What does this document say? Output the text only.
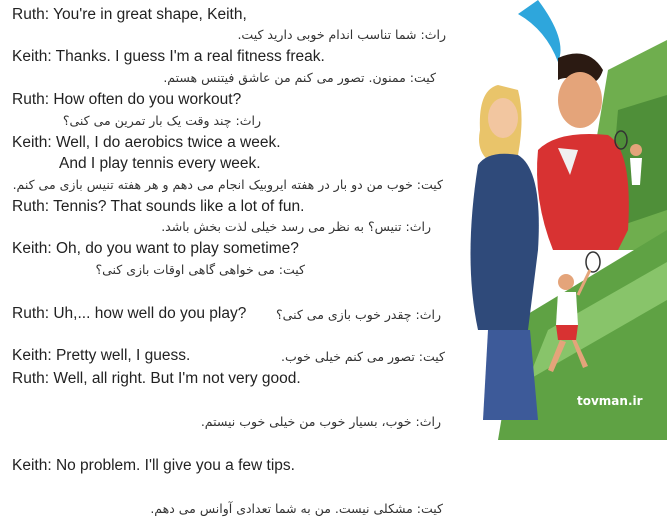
Ruth: You're in great shape, Keith,
راث: شما تناسب اندام خوبی دارید کیت.
Keith: Thanks. I guess I'm a real fitness freak.
کیت: ممنون. تصور می کنم من عاشق فیتنس هستم.
Ruth: How often do you workout?
راث: چند وقت یک بار تمرین می کنی؟
Keith: Well, I do aerobics twice a week.
And I play tennis every week.
کیت: خوب من دو بار در هفته ایروبیک انجام می دهم و هر هفته تنیس بازی می کنم.
Ruth: Tennis? That sounds like a lot of fun.
راث: تنیس؟ به نظر می رسد خیلی لذت بخش باشد.
Keith: Oh, do you want to play sometime?
کیت: می خواهی گاهی اوقات بازی کنی؟
Ruth: Uh,... how well do you play? راث: چقدر خوب بازی می کنی؟
Keith: Pretty well, I guess.	کیت: تصور می کنم خیلی خوب.
Ruth: Well, all right. But I'm not very good.
راث: خوب، بسیار خوب من خیلی خوب نیستم.
Keith: No problem. I'll give you a few tips.
کیت: مشکلی نیست. من به شما تعدادی آوانس می دهم.
tovman.ir
